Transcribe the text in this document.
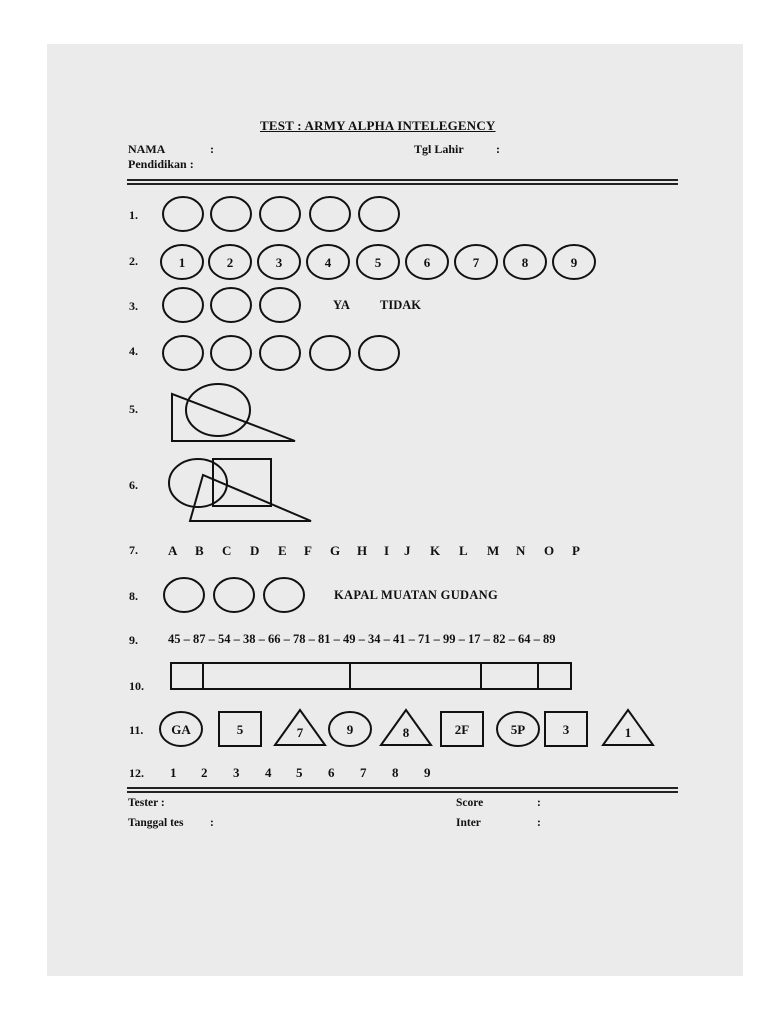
TEST : ARMY ALPHA INTELEGENCY
NAMA	:	Tgl Lahir	:
Pendidikan :
1.
2.
3.
4.
5.
6.
7.
8.
9.
10.
11.
12.
1	2	3	4	5	6	7	8	9
YA TIDAK
A B C D E F G H I J K L M N O P
KAPAL MUATAN GUDANG
45 – 87 – 54 – 38 – 66 – 78 – 81 – 49 – 34 – 41 – 71 – 99 – 17 – 82 – 64 – 89
GA	5	7	9	8	2F	5P	3	1
1 2 3 4 5 6 7 8 9
Tester :	Score	:
Tanggal tes :	Inter	:
